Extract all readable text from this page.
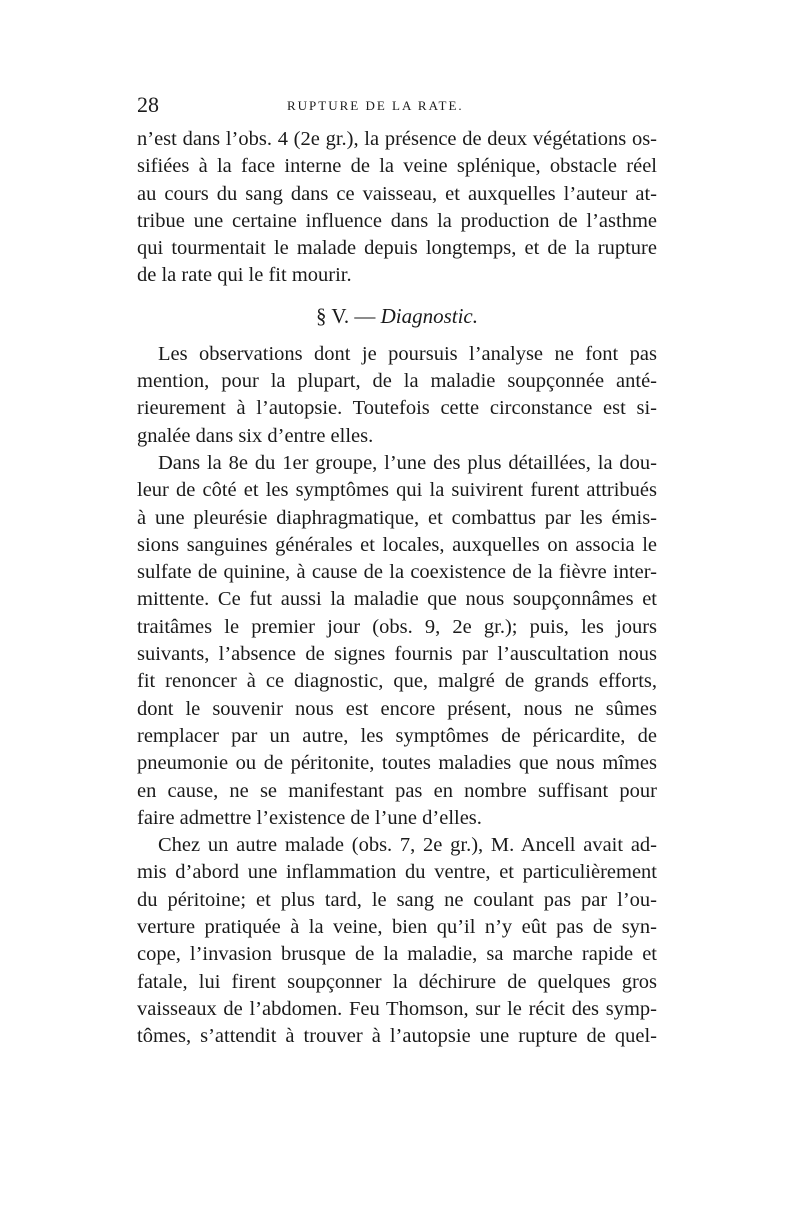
28	RUPTURE DE LA RATE.
n’est dans l’obs. 4 (2e gr.), la présence de deux végétations os-
sifiées à la face interne de la veine splénique, obstacle réel
au cours du sang dans ce vaisseau, et auxquelles l’auteur at-
tribue une certaine influence dans la production de l’asthme
qui tourmentait le malade depuis longtemps, et de la rupture
de la rate qui le fit mourir.
§ V. — Diagnostic.
Les observations dont je poursuis l’analyse ne font pas
mention, pour la plupart, de la maladie soupçonnée anté-
rieurement à l’autopsie. Toutefois cette circonstance est si-
gnalée dans six d’entre elles.
Dans la 8e du 1er groupe, l’une des plus détaillées, la dou-
leur de côté et les symptômes qui la suivirent furent attribués
à une pleurésie diaphragmatique, et combattus par les émis-
sions sanguines générales et locales, auxquelles on associa le
sulfate de quinine, à cause de la coexistence de la fièvre inter-
mittente. Ce fut aussi la maladie que nous soupçonnâmes et
traitâmes le premier jour (obs. 9, 2e gr.); puis, les jours
suivants, l’absence de signes fournis par l’auscultation nous
fit renoncer à ce diagnostic, que, malgré de grands efforts,
dont le souvenir nous est encore présent, nous ne sûmes
remplacer par un autre, les symptômes de péricardite, de
pneumonie ou de péritonite, toutes maladies que nous mîmes
en cause, ne se manifestant pas en nombre suffisant pour
faire admettre l’existence de l’une d’elles.
Chez un autre malade (obs. 7, 2e gr.), M. Ancell avait ad-
mis d’abord une inflammation du ventre, et particulièrement
du péritoine; et plus tard, le sang ne coulant pas par l’ou-
verture pratiquée à la veine, bien qu’il n’y eût pas de syn-
cope, l’invasion brusque de la maladie, sa marche rapide et
fatale, lui firent soupçonner la déchirure de quelques gros
vaisseaux de l’abdomen. Feu Thomson, sur le récit des symp-
tômes, s’attendit à trouver à l’autopsie une rupture de quel-
